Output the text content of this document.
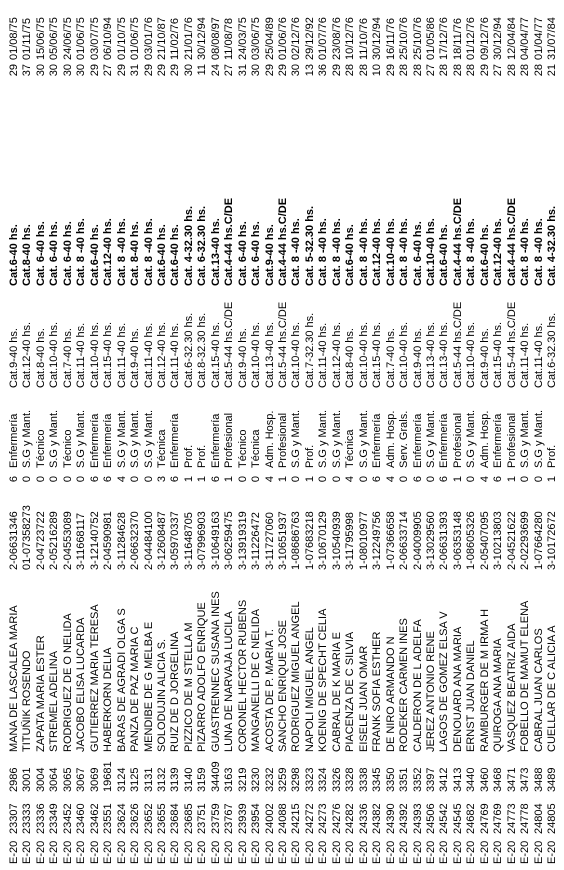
E-20
23307
2986
MANA DE LASCALEA MARIA
2-06631346
6
Enfermería
Cat.9-40 hs.
Cat.6-40 hs.
29
01/08/75
E-20
23333
3001
TITUÑIK ROSENDO
01-07358273
0
S.G y Mant.
Cat.12-40 hs.
Cat.8-40 hs.
37
01/11/75
E-20
23336
3004
ZAPATA MARIA ESTER
2-04723722
0
Técnico
Cat.8-40 hs.
Cat. 6-40 hs.
30
15/06/75
E-20
23349
3064
STREMEL ADELINA
2-05216289
0
S.G y Mant.
Cat.10-40 hs.
Cat. 6-40 hs.
30
05/06/75
E-20
23452
3065
RODRIGUEZ DE O NELIDA
2-04553089
0
Técnico
Cat.7-40 hs.
Cat. 6-40 hs.
30
24/06/75
E-20
23460
3067
JACOBO ELISA LUCARDA
3-11668117
0
S.G y Mant.
Cat.11-40 hs.
Cat. 8 -40 hs.
30
01/06/75
E-20
23462
3069
GUTIERREZ MARIA TERESA
3-12140752
6
Enfermería
Cat.10-40 hs.
Cat.6-40 hs.
29
03/07/75
E-20
23551
19681
HABERKORN DELIA
2-04590981
6
Enfermería
Cat.15-40 hs.
Cat.12-40 hs.
27
06/10/94
E-20
23624
3124
BARAS DE AGRADI OLGA S
3-11284628
4
S.G y Mant.
Cat.11-40 hs.
Cat. 8 -40 hs.
29
01/10/75
E-20
23626
3125
PANZA DE PAZ MARIA C
2-06632370
0
S.G y Mant.
Cat.9-40 hs.
Cat. 8-40 hs.
31
01/06/75
E-20
23652
3131
MENDIBE DE G MELBA E
2-04484100
0
S.G y Mant.
Cat.11-40 hs.
Cat. 8 -40 hs.
29
03/01/76
E-20
23655
3132
SOLODUJIN ALICIA S.
3-12608487
3
Técnica
Cat.12-40 hs.
Cat.6-40 hs.
29
21/10/87
E-20
23684
3139
RUIZ DE D JORGELINA
3-05970337
6
Enfermería
Cat.11-40 hs.
Cat.6-40 hs.
29
11/02/76
E-20
23685
3140
PIZZICO DE M STELLA M
3-11648705
1
Prof.
Cat.6-32.30 hs.
Cat. 4-32.30 hs.
30
21/01/76
E-20
23751
3159
PIZARRO ADOLFO ENRIQUE
3-07996903
1
Prof.
Cat.8-32.30 hs.
Cat. 6-32.30 hs.
11
30/12/94
E-20
23759
34409
GUASTRENNEC SUSANA INES
3-10649163
6
Enfermería
Cat.15-40 hs.
Cat.13-40 hs.
24
08/08/97
E-20
23767
3163
LUNA DE NARVAJA LUCILA
3-06259475
1
Profesional
Cat.5-44 hs.C/DE
Cat.4-44 hs.C/DE
27
11/08/78
E-20
23939
3219
CORONEL HECTOR RUBENS
3-13919319
0
Técnico
Cat.9-40 hs.
Cat. 6-40 hs.
31
24/03/75
E-20
23954
3230
MANGANELLI DE C NELIDA
3-11226472
0
Técnica
Cat.10-40 hs.
Cat. 6-40 hs.
30
03/06/75
E-20
24002
3232
ACOSTA DE P. MARIA T.
3-11727060
4
Adm. Hosp.
Cat.13-40 hs.
Cat.9-40 hs.
29
25/04/89
E-20
24088
3259
SANCHO ENRIQUE JOSE
3-10651937
1
Profesional
Cat.5-44 hs.C/DE
Cat.4-44 hs.C/DE
29
01/06/76
E-20
24215
3298
RODRIGUEZ MIGUEL ANGEL
1-08686763
0
S.G y Mant.
Cat.10-40 hs.
Cat. 8 -40 hs.
30
02/12/76
E-20
24272
3323
NAPOLI MIGUEL ANGEL
1-07683218
1
Prof.
Cat.7-32.30 hs.
Cat. 5-32.30 hs.
13
29/12/92
E-20
24273
3324
KOENIG DE SPECHT CELIA
3-10670129
0
S.G y Mant.
Cat.11-40 hs.
Cat. 8 -40 hs.
36
01/07/76
E-20
24276
3326
CABRAL DE K MARIA E
3-10540939
0
S.G y Mant.
Cat.12-40 hs.
Cat. 8 -40 hs.
29
23/08/76
E-20
24282
3328
PIACENZA DE C SILVIA
3-11795998
4
Técnica
Cat.8-40 hs.
Cat.6-40 hs.
28
10/12/76
E-20
24336
3338
EISELE JUAN OMAR
1-08010977
0
S.G y Mant.
Cat.10-40 hs.
Cat. 8 -40 hs.
28
11/10/76
E-20
24382
3345
FRANK SOFIA ESTHER
3-12249756
6
Enfermería
Cat.15-40 hs.
Cat.12-40 hs.
10
30/12/94
E-20
24390
3350
DE NIRO ARMANDO N
1-07366658
4
Adm. Hosp.
Cat.7-40 hs.
Cat.10-40 hs.
29
16/11/76
E-20
24392
3351
RODEKER CARMEN INES
2-06633714
0
Serv. Grals.
Cat.10-40 hs.
Cat. 8 -40 hs.
28
25/10/76
E-20
24393
3352
CALDERON DE L ADELFA
2-04009905
6
Enfermería
Cat.9-40 hs.
Cat. 6-40 hs.
28
25/10/76
E-20
24506
3397
JEREZ ANTONIO RENE
3-13029560
0
S.G y Mant.
Cat.13-40 hs.
Cat.10-40 hs.
27
01/05/86
E-20
24542
3412
LAGOS DE GOMEZ ELSA V
2-06631393
6
Enfermería
Cat.13-40 hs.
Cat.6-40 hs.
28
17/12/76
E-20
24545
3413
DENOUARD ANA MARIA
3-06353148
1
Profesional
Cat.5-44 hs.C/DE
Cat.4-44 hs.C/DE
28
18/11/76
E-20
24682
3440
ERNST JUAN DANIEL
1-08605326
0
S.G y Mant.
Cat.10-40 hs.
Cat. 8 -40 hs.
28
01/12/76
E-20
24769
3460
RAMBURGER DE M IRMA H
2-05407095
4
Adm. Hosp.
Cat.9-40 hs.
Cat.6-40 hs.
29
09/12/76
E-20
24769
3468
QUIROGA ANA MARIA
3-10213803
6
Enfermería
Cat.15-40 hs.
Cat.12-40 hs.
27
30/12/94
E-20
24773
3471
VASQUEZ BEATRIZ AIDA
2-04521622
1
Profesional
Cat.5-44 hs.C/DE
Cat.4-44 hs.C/DE
28
12/04/84
E-20
24778
3473
FOBELLO DE MAMUT ELENA
2-02293699
0
S.G y Mant.
Cat.11-40 hs.
Cat. 8 -40 hs.
28
04/04/77
E-20
24804
3488
CABRAL JUAN CARLOS
1-07664280
0
S.G y Mant.
Cat.11-40 hs.
Cat. 8 -40 hs.
28
01/04/77
E-20
24805
3489
CUELLAR DE C ALICIA A
3-10172672
1
Prof.
Cat.6-32.30 hs.
Cat. 4-32.30 hs.
21
31/07/84
